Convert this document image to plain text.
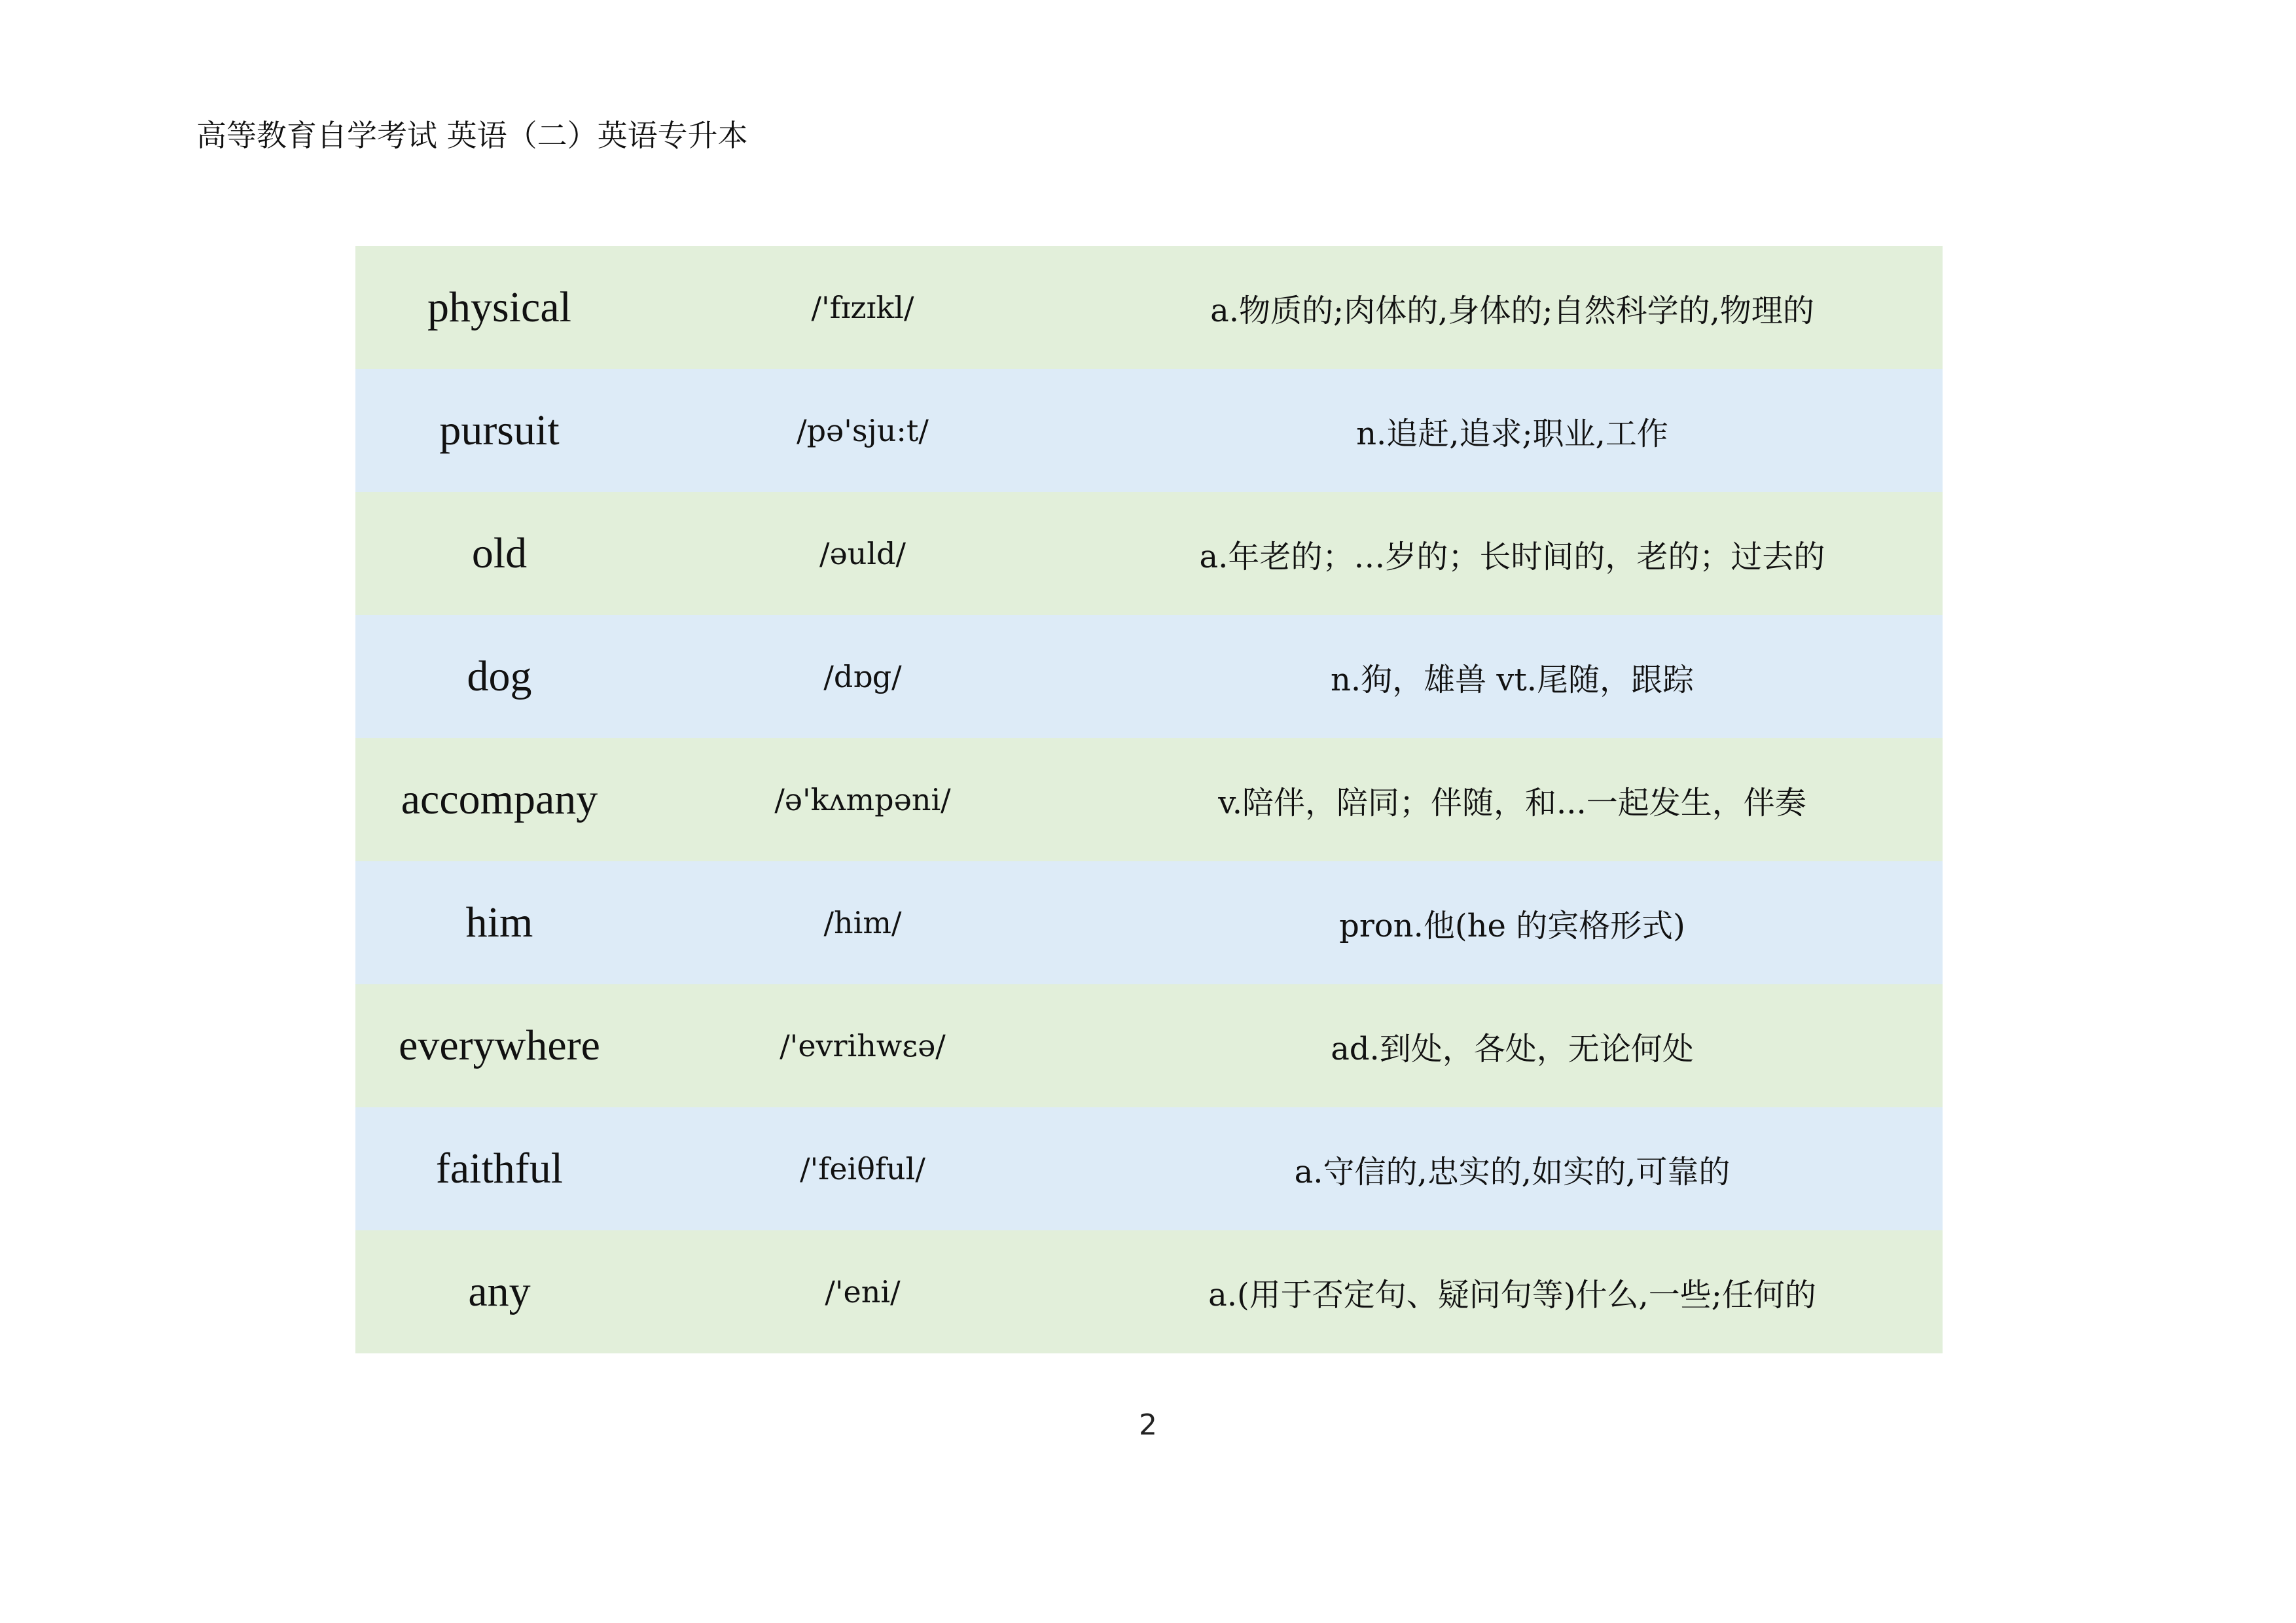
高等教育自学考试 英语（二）英语专升本
physical	/'fɪzɪkl/	a.物质的;肉体的,身体的;自然科学的,物理的
pursuit	/pə'sju:t/	n.追赶,追求;职业,工作
old	/əuld/	a.年老的；…岁的；长时间的，老的；过去的
dog	/dɒg/	n.狗，雄兽 vt.尾随，跟踪
accompany	/ə'kʌmpəni/	v.陪伴，陪同；伴随，和...一起发生，伴奏
him	/him/	pron.他(he 的宾格形式)
everywhere	/'evrihwɛə/	ad.到处，各处，无论何处
faithful	/'feiθful/	a.守信的,忠实的,如实的,可靠的
any	/'eni/	a.(用于否定句、疑问句等)什么,一些;任何的
2
